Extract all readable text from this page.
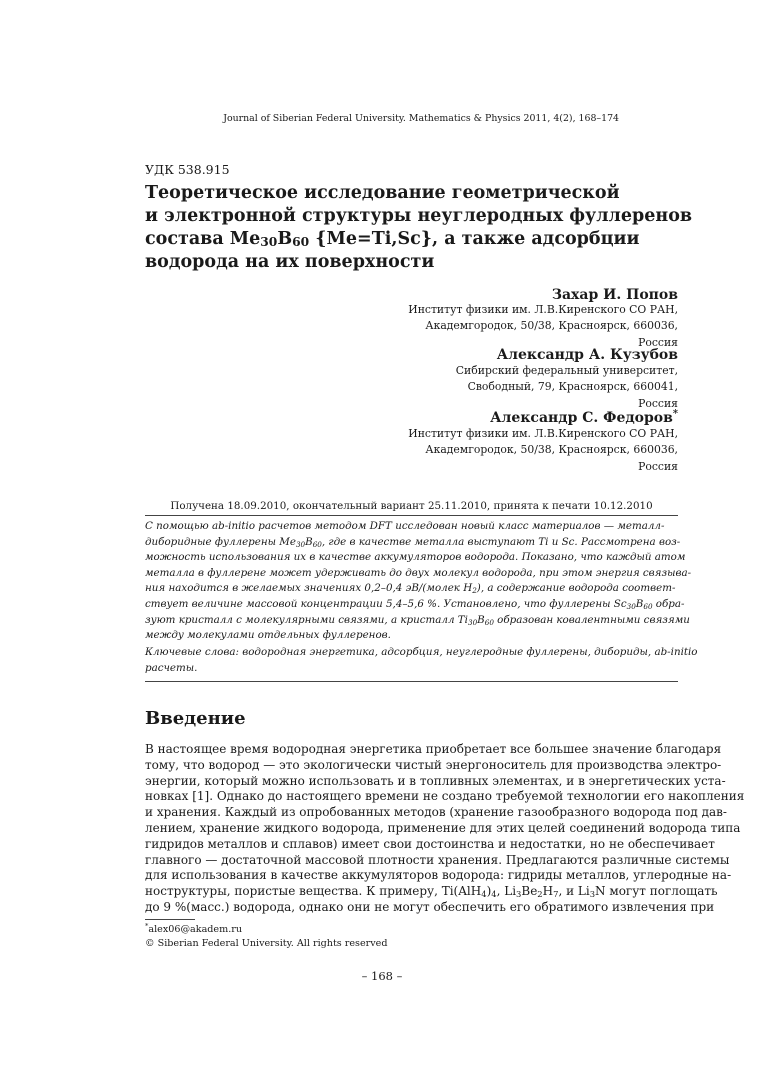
Journal of Siberian Federal University. Mathematics & Physics 2011, 4(2), 168–174
УДК 538.915
Теоретическое исследование геометрической
и электронной структуры неуглеродных фуллеренов
состава $Me_{30}B_{60}$ {Me=Ti,Sc}, а также адсорбции
водорода на их поверхности
Захар И. Попов
Институт физики им. Л.В.Киренского СО РАН,
Академгородок, 50/38, Красноярск, 660036,
Россия
Александр А. Кузубов
Сибирский федеральный университет,
Свободный, 79, Красноярск, 660041,
Россия
Александр С. Федоров*
Институт физики им. Л.В.Киренского СО РАН,
Академгородок, 50/38, Красноярск, 660036,
Россия
Получена 18.09.2010, окончательный вариант 25.11.2010, принята к печати 10.12.2010
С помощью ab-initio расчетов методом DFT исследован новый класс материалов — металл-
диборидные фуллерены $Me_{30}B_{60}$, где в качестве металла выступают Ti и Sc. Рассмотрена воз-
можность использования их в качестве аккумуляторов водорода. Показано, что каждый атом
металла в фуллерене может удерживать до двух молекул водорода, при этом энергия связыва-
ния находится в желаемых значениях 0,2–0,4 эВ/(молек $H_2$), а содержание водорода соответ-
ствует величине массовой концентрации 5,4–5,6 %. Установлено, что фуллерены $Sc_{30}B_{60}$ обра-
зуют кристалл с молекулярными связями, а кристалл $Ti_{30}B_{60}$ образован ковалентными связями
между молекулами отдельных фуллеренов.
Ключевые слова: водородная энергетика, адсорбция, неуглеродные фуллерены, дибориды, ab-initio
расчеты.
Введение
В настоящее время водородная энергетика приобретает все большее значение благодаря
тому, что водород — это экологически чистый энергоноситель для производства электро-
энергии, который можно использовать и в топливных элементах, и в энергетических уста-
новках [1]. Однако до настоящего времени не создано требуемой технологии его накопления
и хранения. Каждый из опробованных методов (хранение газообразного водорода под дав-
лением, хранение жидкого водорода, применение для этих целей соединений водорода типа
гидридов металлов и сплавов) имеет свои достоинства и недостатки, но не обеспечивает
главного — достаточной массовой плотности хранения. Предлагаются различные системы
для использования в качестве аккумуляторов водорода: гидриды металлов, углеродные на-
ноструктуры, пористые вещества. К примеру, $Ti(AlH_4)_4$, $Li_3Be_2H_7$, и $Li_3N$ могут поглощать
до 9 %(масс.) водорода, однако они не могут обеспечить его обратимого извлечения при
*alex06@akadem.ru
© Siberian Federal University. All rights reserved
– 168 –
